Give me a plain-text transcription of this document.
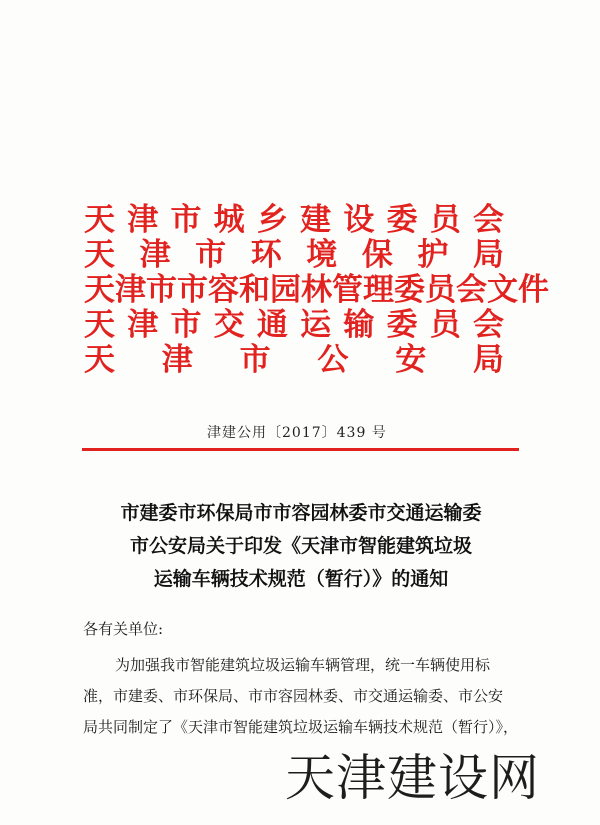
天 津 市 城 乡 建 设 委 员 会
天 津 市 环 境 保 护 局
天 津 市 市 容 和 园 林 管 理 委 员 会 文 件
天 津 市 交 通 运 输 委 员 会
天 津 市 公 安 局
津建公用〔2017〕439 号
市建委市环保局市市容园林委市交通运输委
市公安局关于印发《天津市智能建筑垃圾
运输车辆技术规范（暂行）》的通知
各有关单位:
为加强我市智能建筑垃圾运输车辆管理，统一车辆使用标
准，市建委、市环保局、市市容园林委、市交通运输委、市公安
局共同制定了《天津市智能建筑垃圾运输车辆技术规范（暂行）》，
天津建设网
